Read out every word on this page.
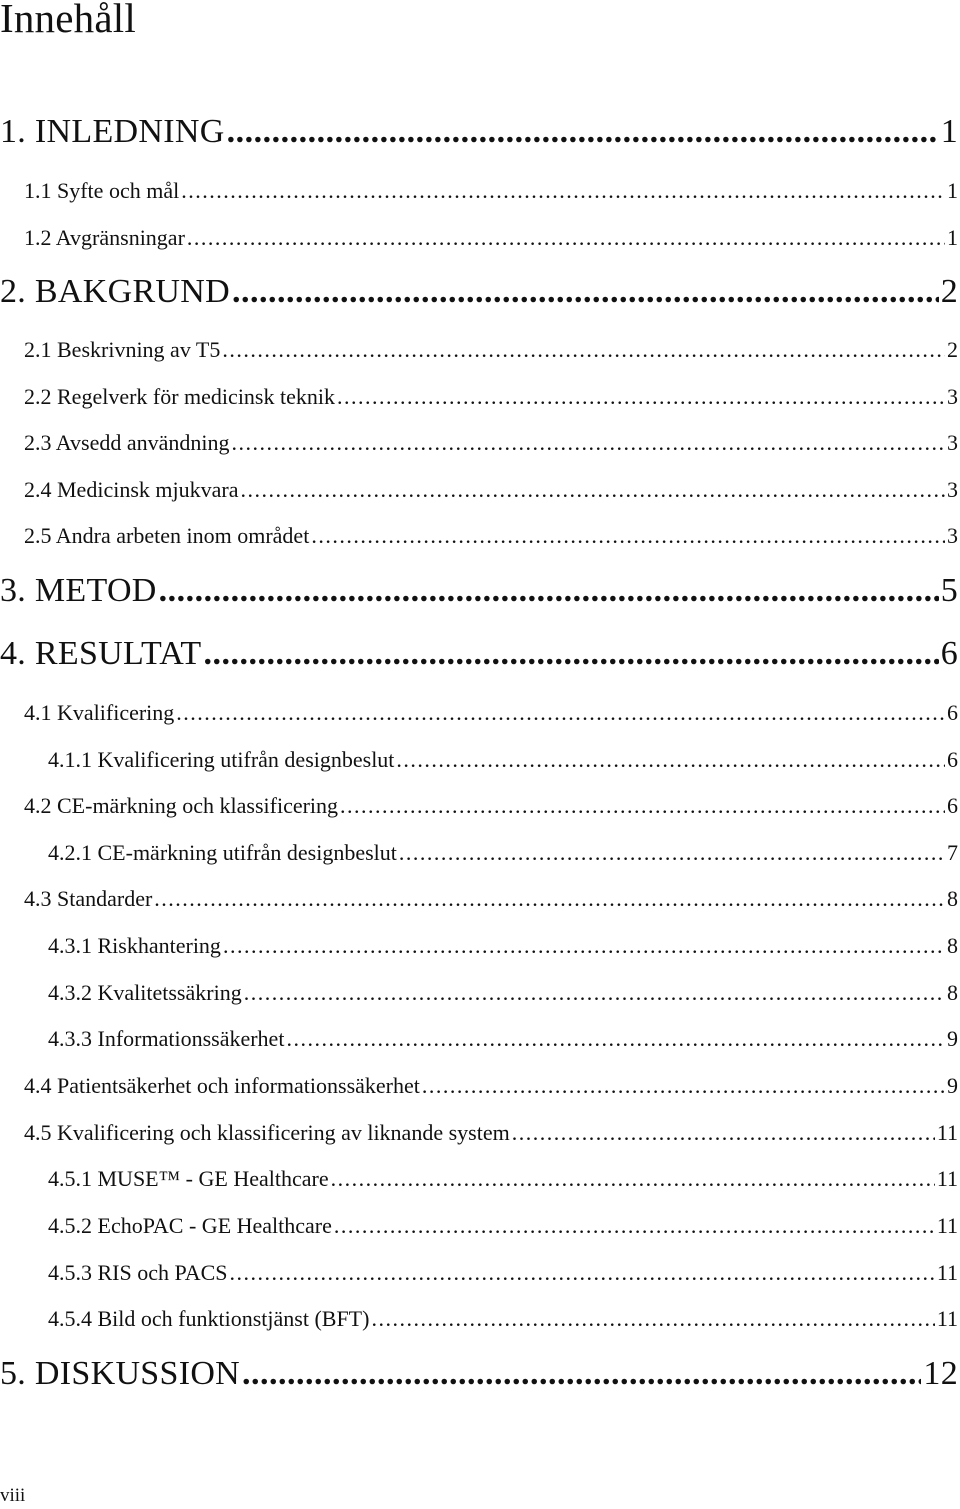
Innehåll
1. INLEDNING . . .	1
1.1 Syfte och mål . . .	1
1.2 Avgränsningar . . .	1
2. BAKGRUND . . .	2
2.1 Beskrivning av T5 . . .	2
2.2 Regelverk för medicinsk teknik . . .	3
2.3 Avsedd användning . . .	3
2.4 Medicinsk mjukvara . . .	3
2.5 Andra arbeten inom området . . .	3
3. METOD . . .	5
4. RESULTAT . . .	6
4.1 Kvalificering . . .	6
4.1.1 Kvalificering utifrån designbeslut . . .	6
4.2 CE-märkning och klassificering . . .	6
4.2.1 CE-märkning utifrån designbeslut . . .	7
4.3 Standarder . . .	8
4.3.1 Riskhantering . . .	8
4.3.2 Kvalitetssäkring . . .	8
4.3.3 Informationssäkerhet . . .	9
4.4 Patientsäkerhet och informationssäkerhet . . .	9
4.5 Kvalificering och klassificering av liknande system . . .	11
4.5.1 MUSE™ - GE Healthcare . . .	11
4.5.2 EchoPAC - GE Healthcare . . .	11
4.5.3 RIS och PACS . . .	11
4.5.4 Bild och funktionstjänst (BFT) . . .	11
5. DISKUSSION . . .	12
viii
